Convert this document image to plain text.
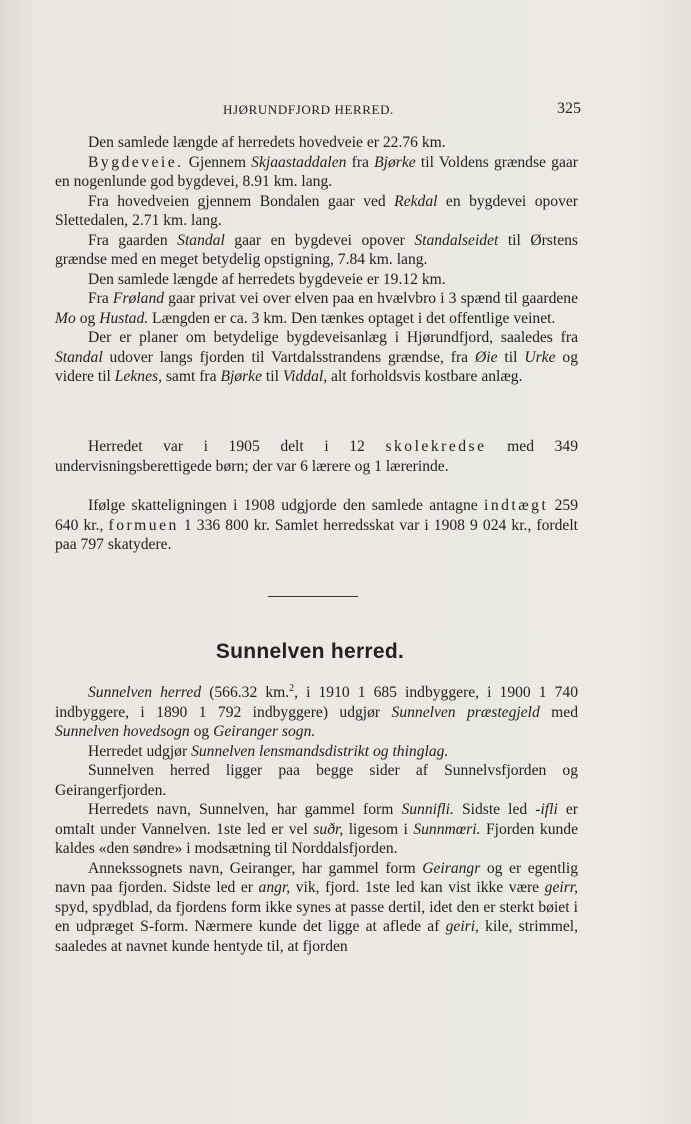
HJØRUNDFJORD HERRED.	325

Den samlede længde af herredets hovedveie er 22.76 km.

Bygdeveie. Gjennem Skjaastaddalen fra Bjørke til Voldens grændse gaar en nogenlunde god bygdevei, 8.91 km. lang.

Fra hovedveien gjennem Bondalen gaar ved Rekdal en bygdevei opover Slettedalen, 2.71 km. lang.

Fra gaarden Standal gaar en bygdevei opover Standalseidet til Ørstens grændse med en meget betydelig opstigning, 7.84 km. lang.

Den samlede længde af herredets bygdeveie er 19.12 km.

Fra Frøland gaar privat vei over elven paa en hvælvbro i 3 spænd til gaardene Mo og Hustad. Længden er ca. 3 km. Den tænkes optaget i det offentlige veinet.

Der er planer om betydelige bygdeveisanlæg i Hjørundfjord, saaledes fra Standal udover langs fjorden til Vartdalsstrandens grændse, fra Øie til Urke og videre til Leknes, samt fra Bjørke til Viddal, alt forholdsvis kostbare anlæg.

Herredet var i 1905 delt i 12 skolekredse med 349 undervisningsberettigede børn; der var 6 lærere og 1 lærerinde.

Ifølge skatteligningen i 1908 udgjorde den samlede antagne indtægt 259 640 kr., formuen 1 336 800 kr. Samlet herredsskat var i 1908 9 024 kr., fordelt paa 797 skatydere.

Sunnelven herred.

Sunnelven herred (566.32 km.$^2$, i 1910 1 685 indbyggere, i 1900 1 740 indbyggere, i 1890 1 792 indbyggere) udgjør Sunnelven præstegjeld med Sunnelven hovedsogn og Geiranger sogn.

Herredet udgjør Sunnelven lensmandsdistrikt og thinglag.

Sunnelven herred ligger paa begge sider af Sunnelvsfjorden og Geirangerfjorden.

Herredets navn, Sunnelven, har gammel form Sunnifli. Sidste led -ifli er omtalt under Vannelven. 1ste led er vel suðr, ligesom i Sunnmœri. Fjorden kunde kaldes «den søndre» i modsætning til Norddalsfjorden.

Annekssognets navn, Geiranger, har gammel form Geirangr og er egentlig navn paa fjorden. Sidste led er angr, vik, fjord. 1ste led kan vist ikke være geirr, spyd, spydblad, da fjordens form ikke synes at passe dertil, idet den er sterkt bøiet i en udpræget S-form. Nærmere kunde det ligge at aflede af geiri, kile, strimmel, saaledes at navnet kunde hentyde til, at fjorden
